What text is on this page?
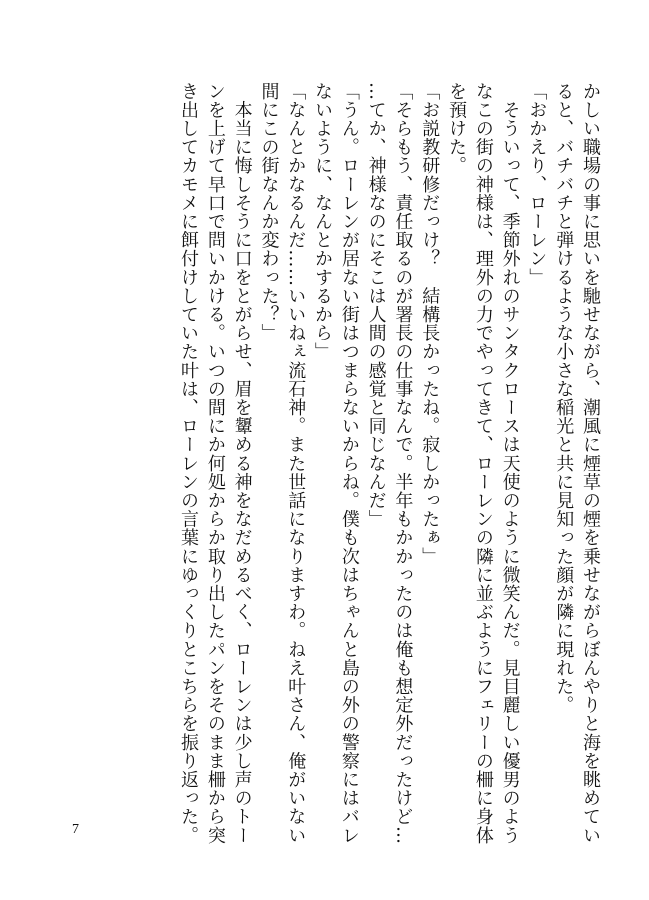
かしい職場の事に思いを馳せながら、潮風に煙草の煙を乗せながらぼんやりと海を眺めてい
ると、バチバチと弾けるような小さな稲光と共に見知った顔が隣に現れた。
「おかえり、ローレン」
　そういって、季節外れのサンタクロースは天使のように微笑んだ。見目麗しい優男のよう
なこの街の神様は、理外の力でやってきて、ローレンの隣に並ぶようにフェリーの柵に身体
を預けた。
「お説教研修だっけ？　結構長かったね。寂しかったぁ」
「そらもう、責任取るのが署長の仕事なんで。半年もかかったのは俺も想定外だったけど…
…てか、神様なのにそこは人間の感覚と同じなんだ」
「うん。ローレンが居ない街はつまらないからね。僕も次はちゃんと島の外の警察にはバレ
ないように、なんとかするから」
「なんとかなるんだ……いいねぇ流石神。また世話になりますわ。ねえ叶さん、俺がいない
間にこの街なんか変わった？」
　本当に悔しそうに口をとがらせ、眉を顰める神をなだめるべく、ローレンは少し声のトー
ンを上げて早口で問いかける。いつの間にか何処からか取り出したパンをそのまま柵から突
き出してカモメに餌付けしていた叶は、ローレンの言葉にゆっくりとこちらを振り返った。
7
